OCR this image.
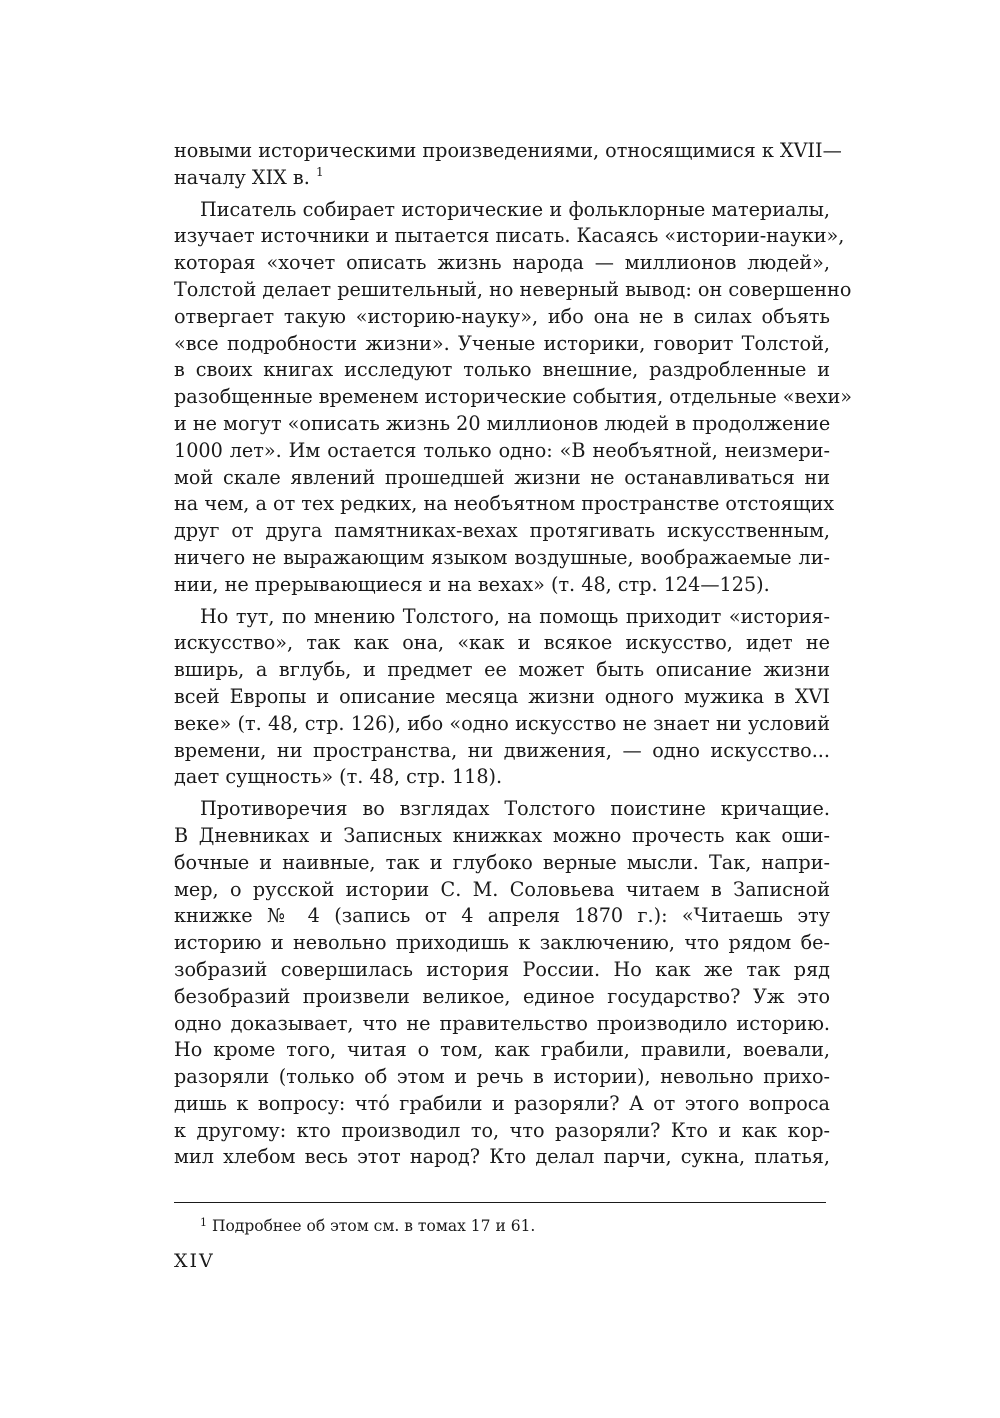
новыми историческими произведениями, относящимися к XVII—
началу XIX в. $^1$

Писатель собирает исторические и фольклорные материалы,
изучает источники и пытается писать. Касаясь «истории-науки»,
которая «хочет описать жизнь народа — миллионов людей»,
Толстой делает решительный, но неверный вывод: он совершенно
отвергает такую «историю-науку», ибо она не в силах объять
«все подробности жизни». Ученые историки, говорит Толстой,
в своих книгах исследуют только внешние, раздробленные и
разобщенные временем исторические события, отдельные «вехи»
и не могут «описать жизнь 20 миллионов людей в продолжение
1000 лет». Им остается только одно: «В необъятной, неизмери-
мой скале явлений прошедшей жизни не останавливаться ни
на чем, а от тех редких, на необъятном пространстве отстоящих
друг от друга памятниках-вехах протягивать искусственным,
ничего не выражающим языком воздушные, воображаемые ли-
нии, не прерывающиеся и на вехах» (т. 48, стр. 124—125).

Но тут, по мнению Толстого, на помощь приходит «история-
искусство», так как она, «как и всякое искусство, идет не
вширь, а вглубь, и предмет ее может быть описание жизни
всей Европы и описание месяца жизни одного мужика в XVI
веке» (т. 48, стр. 126), ибо «одно искусство не знает ни условий
времени, ни пространства, ни движения, — одно искусство...
дает сущность» (т. 48, стр. 118).

Противоречия во взглядах Толстого поистине кричащие.
В Дневниках и Записных книжках можно прочесть как оши-
бочные и наивные, так и глубоко верные мысли. Так, напри-
мер, о русской истории С. М. Соловьева читаем в Записной
книжке № 4 (запись от 4 апреля 1870 г.): «Читаешь эту
историю и невольно приходишь к заключению, что рядом бе-
зобразий совершилась история России. Но как же так ряд
безобразий произвели великое, единое государство? Уж это
одно доказывает, что не правительство производило историю.
Но кроме того, читая о том, как грабили, правили, воевали,
разоряли (только об этом и речь в истории), невольно прихо-
дишь к вопросу: что́ грабили и разоряли? А от этого вопроса
к другому: кто производил то, что разоряли? Кто и как кор-
мил хлебом весь этот народ? Кто делал парчи, сукна, платья,

$^1$ Подробнее об этом см. в томах 17 и 61.
XIV
